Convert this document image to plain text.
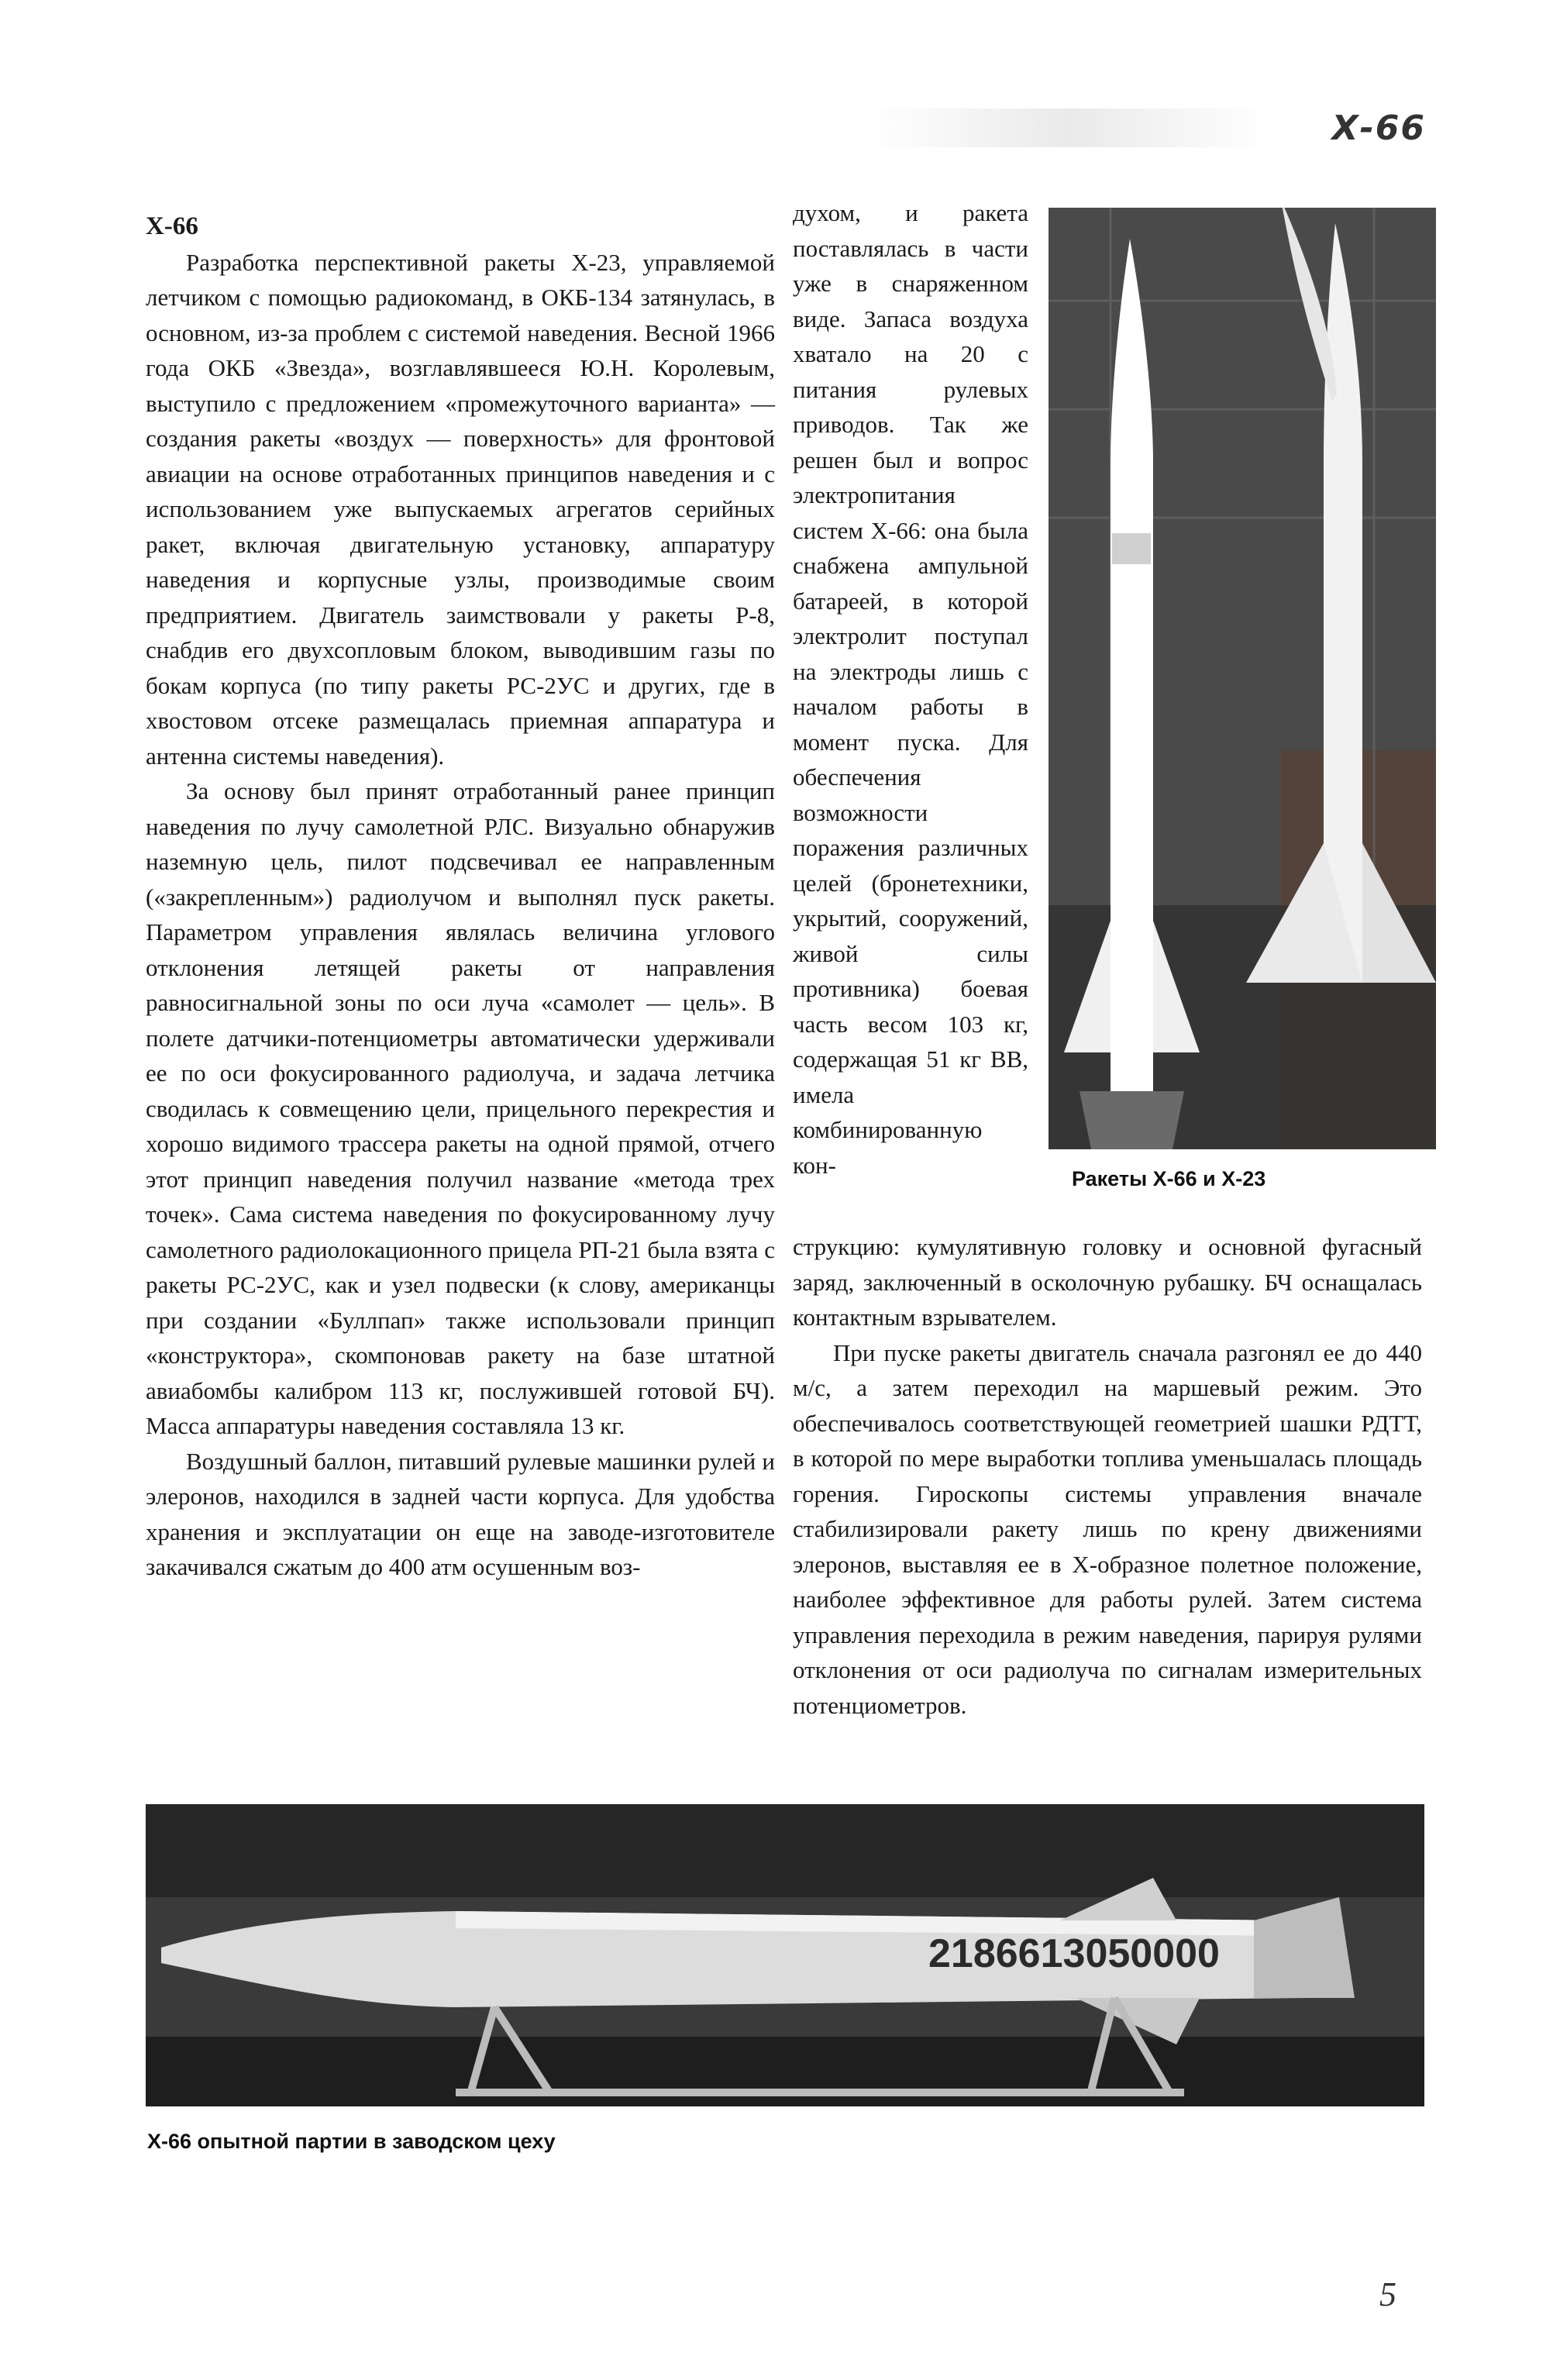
Х-66

Х-66

Разработка перспективной ракеты Х-23, управляемой летчиком с помощью радиокоманд, в ОКБ-134 затянулась, в основном, из-за проблем с системой наведения. Весной 1966 года ОКБ «Звезда», возглавлявшееся Ю.Н. Королевым, выступило с предложением «промежуточного варианта» — создания ракеты «воздух — поверхность» для фронтовой авиации на основе отработанных принципов наведения и с использованием уже выпускаемых агрегатов серийных ракет, включая двигательную установку, аппаратуру наведения и корпусные узлы, производимые своим предприятием. Двигатель заимствовали у ракеты Р-8, снабдив его двухсопловым блоком, выводившим газы по бокам корпуса (по типу ракеты РС-2УС и других, где в хвостовом отсеке размещалась приемная аппаратура и антенна системы наведения).

За основу был принят отработанный ранее принцип наведения по лучу самолетной РЛС. Визуально обнаружив наземную цель, пилот подсвечивал ее направленным («закрепленным») радиолучом и выполнял пуск ракеты. Параметром управления являлась величина углового отклонения летящей ракеты от направления равносигнальной зоны по оси луча «самолет — цель». В полете датчики-потенциометры автоматически удерживали ее по оси фокусированного радиолуча, и задача летчика сводилась к совмещению цели, прицельного перекрестия и хорошо видимого трассера ракеты на одной прямой, отчего этот принцип наведения получил название «метода трех точек». Сама система наведения по фокусированному лучу самолетного радиолокационного прицела РП-21 была взята с ракеты РС-2УС, как и узел подвески (к слову, американцы при создании «Буллпап» также использовали принцип «конструктора», скомпоновав ракету на базе штатной авиабомбы калибром 113 кг, послужившей готовой БЧ). Масса аппаратуры наведения составляла 13 кг.

Воздушный баллон, питавший рулевые машинки рулей и элеронов, находился в задней части корпуса. Для удобства хранения и эксплуатации он еще на заводе-изготовителе закачивался сжатым до 400 атм осушенным воз-

духом, и ракета поставлялась в части уже в снаряженном виде. Запаса воздуха хватало на 20 с питания рулевых приводов. Так же решен был и вопрос электропитания систем Х-66: она была снабжена ампульной батареей, в которой электролит поступал на электроды лишь с началом работы в момент пуска. Для обеспечения возможности поражения различных целей (бронетехники, укрытий, сооружений, живой силы противника) боевая часть весом 103 кг, содержащая 51 кг ВВ, имела комбинированную кон-

Ракеты Х-66 и Х-23

струкцию: кумулятивную головку и основной фугасный заряд, заключенный в осколочную рубашку. БЧ оснащалась контактным взрывателем.

При пуске ракеты двигатель сначала разгонял ее до 440 м/с, а затем переходил на маршевый режим. Это обеспечивалось соответствующей геометрией шашки РДТТ, в которой по мере выработки топлива уменьшалась площадь горения. Гироскопы системы управления вначале стабилизировали ракету лишь по крену движениями элеронов, выставляя ее в Х-образное полетное положение, наиболее эффективное для работы рулей. Затем система управления переходила в режим наведения, парируя рулями отклонения от оси радиолуча по сигналам измерительных потенциометров.

2186613050000
Х-66 опытной партии в заводском цеху
5
